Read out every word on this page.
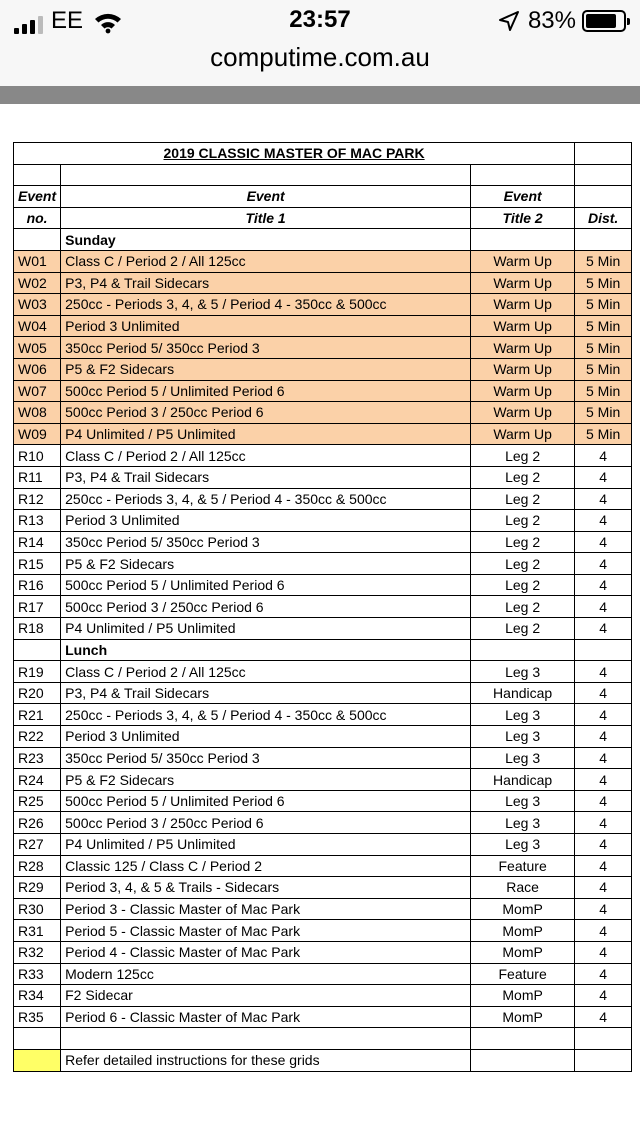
EE	23:57	83%
computime.com.au
2019 CLASSIC MASTER OF MAC PARK			

Event	Event	Event	
no.	Title 1	Title 2	Dist.
	Sunday		
W01	Class C / Period 2 / All 125cc	Warm Up	5 Min
W02	P3, P4 & Trail Sidecars	Warm Up	5 Min
W03	250cc - Periods 3, 4, & 5 / Period 4 - 350cc & 500cc	Warm Up	5 Min
W04	Period 3 Unlimited	Warm Up	5 Min
W05	350cc Period 5/ 350cc Period 3	Warm Up	5 Min
W06	P5 & F2 Sidecars	Warm Up	5 Min
W07	500cc Period 5 / Unlimited Period 6	Warm Up	5 Min
W08	500cc Period 3 / 250cc Period 6	Warm Up	5 Min
W09	P4 Unlimited / P5 Unlimited	Warm Up	5 Min
R10	Class C / Period 2 / All 125cc	Leg 2	4
R11	P3, P4 & Trail Sidecars	Leg 2	4
R12	250cc - Periods 3, 4, & 5 / Period 4 - 350cc & 500cc	Leg 2	4
R13	Period 3 Unlimited	Leg 2	4
R14	350cc Period 5/ 350cc Period 3	Leg 2	4
R15	P5 & F2 Sidecars	Leg 2	4
R16	500cc Period 5 / Unlimited Period 6	Leg 2	4
R17	500cc Period 3 / 250cc Period 6	Leg 2	4
R18	P4 Unlimited / P5 Unlimited	Leg 2	4
	Lunch		
R19	Class C / Period 2 / All 125cc	Leg 3	4
R20	P3, P4 & Trail Sidecars	Handicap	4
R21	250cc - Periods 3, 4, & 5 / Period 4 - 350cc & 500cc	Leg 3	4
R22	Period 3 Unlimited	Leg 3	4
R23	350cc Period 5/ 350cc Period 3	Leg 3	4
R24	P5 & F2 Sidecars	Handicap	4
R25	500cc Period 5 / Unlimited Period 6	Leg 3	4
R26	500cc Period 3 / 250cc Period 6	Leg 3	4
R27	P4 Unlimited / P5 Unlimited	Leg 3	4
R28	Classic 125 / Class C / Period 2	Feature	4
R29	Period 3, 4, & 5 & Trails - Sidecars	Race	4
R30	Period 3 - Classic Master of Mac Park	MomP	4
R31	Period 5 - Classic Master of Mac Park	MomP	4
R32	Period 4 - Classic Master of Mac Park	MomP	4
R33	Modern 125cc	Feature	4
R34	F2 Sidecar	MomP	4
R35	Period 6 - Classic Master of Mac Park	MomP	4

	Refer detailed instructions for these grids		
